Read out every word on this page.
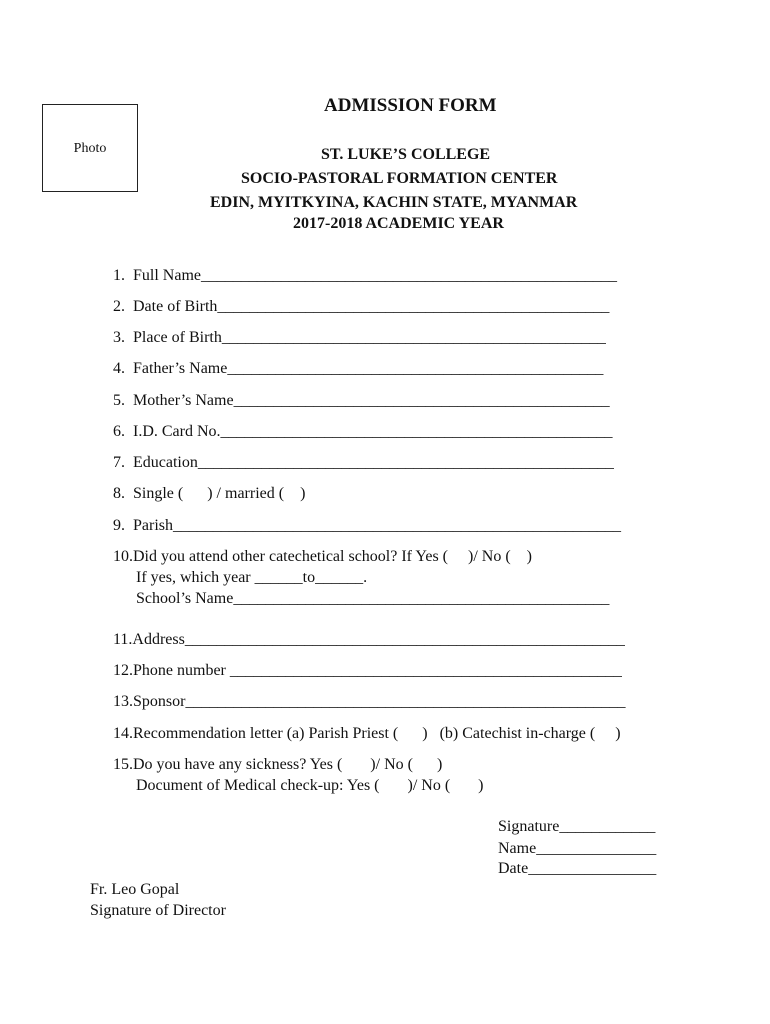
Photo
ADMISSION FORM
ST. LUKE’S COLLEGE
SOCIO-PASTORAL FORMATION CENTER
EDIN, MYITKYINA, KACHIN STATE, MYANMAR
2017-2018 ACADEMIC YEAR
1.  Full Name____________________________________________________
2.  Date of Birth_________________________________________________
3.  Place of Birth________________________________________________
4.  Father’s Name_______________________________________________
5.  Mother’s Name_______________________________________________
6.  I.D. Card No._________________________________________________
7.  Education____________________________________________________
8.  Single (      ) / married (    )
9.  Parish________________________________________________________
10.Did you attend other catechetical school? If Yes (     )/ No (    )
If yes, which year ______to______.
School’s Name_______________________________________________
11.Address_______________________________________________________
12.Phone number _________________________________________________
13.Sponsor_______________________________________________________
14.Recommendation letter (a) Parish Priest (      )   (b) Catechist in-charge (     )
15.Do you have any sickness? Yes (       )/ No (      )
Document of Medical check-up: Yes (       )/ No (       )
Signature____________
Name_______________
Date________________
Fr. Leo Gopal
Signature of Director
